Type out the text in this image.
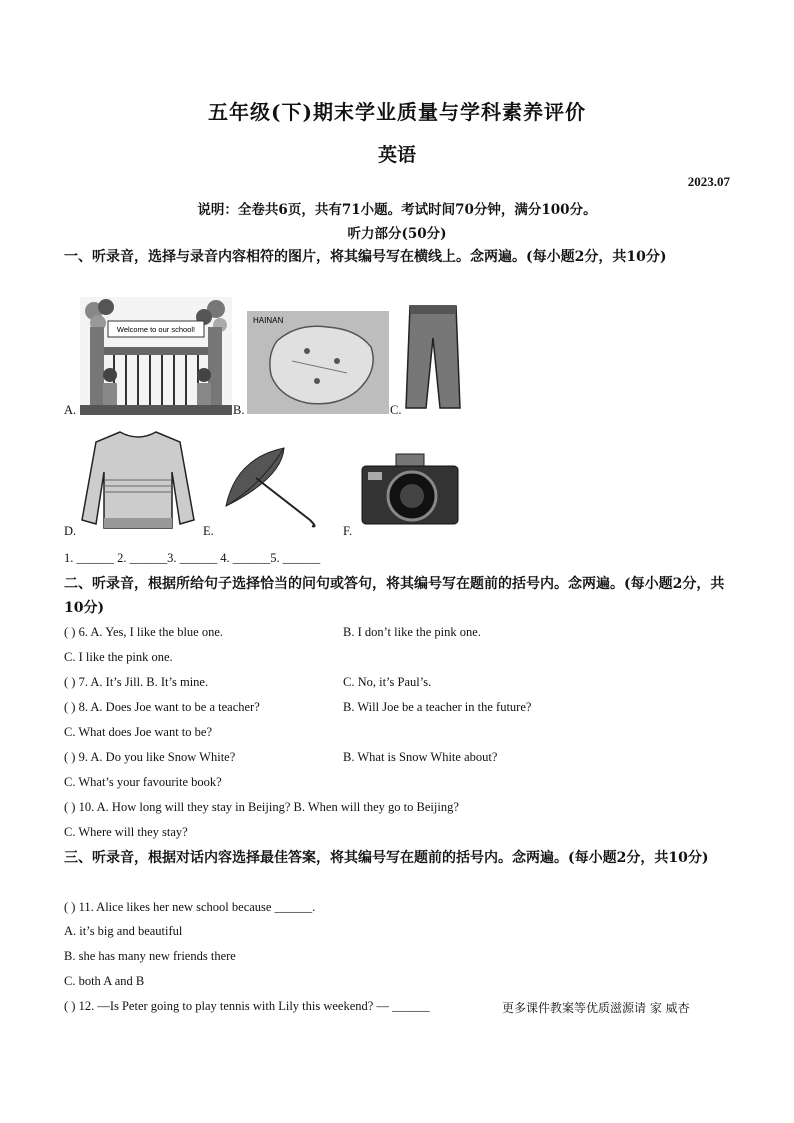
五年级(下)期末学业质量与学科素养评价
英语
2023.07
说明：全卷共6页，共有71小题。考试时间70分钟，满分100分。
听力部分(50分)
一、听录音，选择与录音内容相符的图片，将其编号写在横线上。念两遍。(每小题2分，共10分)
A.
Welcome to our school!
B.
HAINAN
C.
D.	E.	F.
1. ______ 2. ______3. ______ 4. ______5. ______
二、听录音，根据所给句子选择恰当的问句或答句，将其编号写在题前的括号内。念两遍。(每小题2分，共10分)
( ) 6. A. Yes, I like the blue one.	B. I don’t like the pink one.
C. I like the pink one.
( ) 7. A. It’s Jill. B. It’s mine.	C. No, it’s Paul’s.
( ) 8. A. Does Joe want to be a teacher?	B. Will Joe be a teacher in the future?
C. What does Joe want to be?
( ) 9. A. Do you like Snow White?	B. What is Snow White about?
C. What’s your favourite book?
( ) 10. A. How long will they stay in Beijing? B. When will they go to Beijing?
C. Where will they stay?
三、听录音，根据对话内容选择最佳答案，将其编号写在题前的括号内。念两遍。(每小题2分，共10分)
( ) 11. Alice likes her new school because ______.
A. it’s big and beautiful
B. she has many new friends there
C. both A and B
( ) 12. —Is Peter going to play tennis with Lily this weekend? — ______	更多课件教案等优质滋源请 家 威杏
